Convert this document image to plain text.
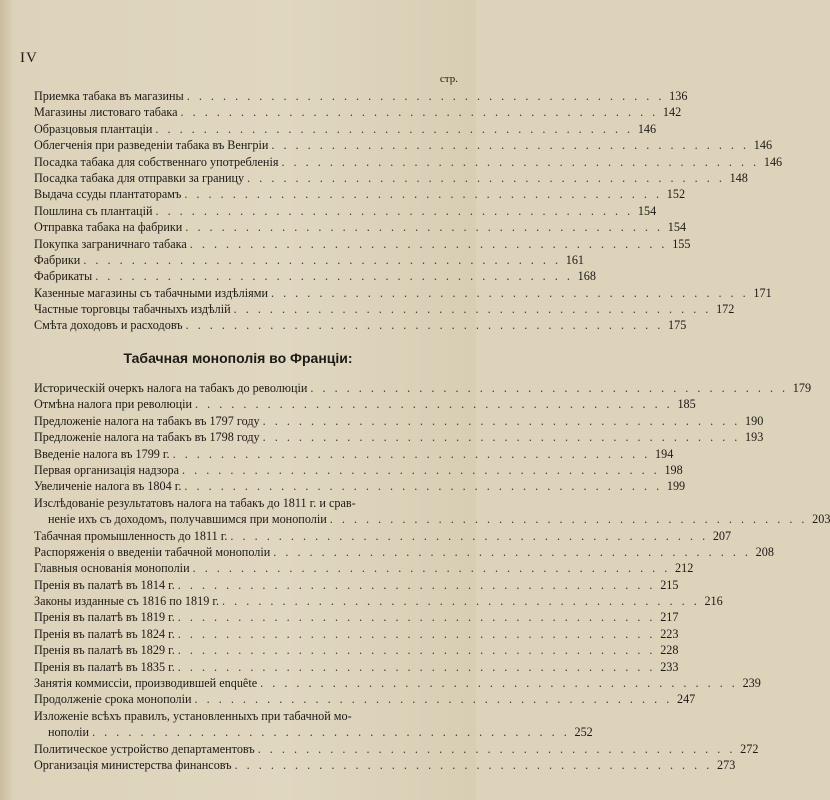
IV
стр.
Приемка табака въ магазины . . . . . . . . . . . . . . . . . . . . . . . . . . . . . . . . . . . . . . . . 136
Магазины листоваго табака . . . . . . . . . . . . . . . . . . . . . . . . . . . . . . . . . . . . . . . . 142
Образцовыя плантаціи . . . . . . . . . . . . . . . . . . . . . . . . . . . . . . . . . . . . . . . . 146
Облегченія при разведеніи табака въ Венгріи . . . . . . . . . . . . . . . . . . . . . . . . . . . . . . . . . . . . . . . . 146
Посадка табака для собственнаго употребленія . . . . . . . . . . . . . . . . . . . . . . . . . . . . . . . . . . . . . . . . 146
Посадка табака для отправки за границу . . . . . . . . . . . . . . . . . . . . . . . . . . . . . . . . . . . . . . . . 148
Выдача ссуды плантаторамъ . . . . . . . . . . . . . . . . . . . . . . . . . . . . . . . . . . . . . . . . 152
Пошлина съ плантацій . . . . . . . . . . . . . . . . . . . . . . . . . . . . . . . . . . . . . . . . 154
Отправка табака на фабрики . . . . . . . . . . . . . . . . . . . . . . . . . . . . . . . . . . . . . . . . 154
Покупка заграничнаго табака . . . . . . . . . . . . . . . . . . . . . . . . . . . . . . . . . . . . . . . . 155
Фабрики . . . . . . . . . . . . . . . . . . . . . . . . . . . . . . . . . . . . . . . . 161
Фабрикаты . . . . . . . . . . . . . . . . . . . . . . . . . . . . . . . . . . . . . . . . 168
Казенные магазины съ табачными издѣліями . . . . . . . . . . . . . . . . . . . . . . . . . . . . . . . . . . . . . . . . 171
Частные торговцы табачныхъ издѣлій . . . . . . . . . . . . . . . . . . . . . . . . . . . . . . . . . . . . . . . . 172
Смѣта доходовъ и расходовъ . . . . . . . . . . . . . . . . . . . . . . . . . . . . . . . . . . . . . . . . 175
Табачная монополія во Франціи:
Историческій очеркъ налога на табакъ до революціи . . . . . . . . . . . . . . . . . . . . . . . . . . . . . . . . . . . . . . . . 179
Отмѣна налога при революціи . . . . . . . . . . . . . . . . . . . . . . . . . . . . . . . . . . . . . . . . 185
Предложеніе налога на табакъ въ 1797 году . . . . . . . . . . . . . . . . . . . . . . . . . . . . . . . . . . . . . . . . 190
Предложеніе налога на табакъ въ 1798 году . . . . . . . . . . . . . . . . . . . . . . . . . . . . . . . . . . . . . . . . 193
Введеніе налога въ 1799 г. . . . . . . . . . . . . . . . . . . . . . . . . . . . . . . . . . . . . . . . . 194
Первая организація надзора . . . . . . . . . . . . . . . . . . . . . . . . . . . . . . . . . . . . . . . . 198
Увеличеніе налога въ 1804 г. . . . . . . . . . . . . . . . . . . . . . . . . . . . . . . . . . . . . . . . . 199
Изслѣдованіе результатовъ налога на табакъ до 1811 г. и срав-
неніе ихъ съ доходомъ, получавшимся при монополіи . . . . . . . . . . . . . . . . . . . . . . . . . . . . . . . . . . . . . . . . 203
Табачная промышленность до 1811 г. . . . . . . . . . . . . . . . . . . . . . . . . . . . . . . . . . . . . . . . . 207
Распоряженія о введеніи табачной монополіи . . . . . . . . . . . . . . . . . . . . . . . . . . . . . . . . . . . . . . . . 208
Главныя основанія монополіи . . . . . . . . . . . . . . . . . . . . . . . . . . . . . . . . . . . . . . . . 212
Пренія въ палатѣ въ 1814 г. . . . . . . . . . . . . . . . . . . . . . . . . . . . . . . . . . . . . . . . . 215
Законы изданные съ 1816 по 1819 г. . . . . . . . . . . . . . . . . . . . . . . . . . . . . . . . . . . . . . . . . 216
Пренія въ палатѣ въ 1819 г. . . . . . . . . . . . . . . . . . . . . . . . . . . . . . . . . . . . . . . . . 217
Пренія въ палатѣ въ 1824 г. . . . . . . . . . . . . . . . . . . . . . . . . . . . . . . . . . . . . . . . . 223
Пренія въ палатѣ въ 1829 г. . . . . . . . . . . . . . . . . . . . . . . . . . . . . . . . . . . . . . . . . 228
Пренія въ палатѣ въ 1835 г. . . . . . . . . . . . . . . . . . . . . . . . . . . . . . . . . . . . . . . . . 233
Занятія коммиссіи, производившей enquête . . . . . . . . . . . . . . . . . . . . . . . . . . . . . . . . . . . . . . . . 239
Продолженіе срока монополіи . . . . . . . . . . . . . . . . . . . . . . . . . . . . . . . . . . . . . . . . 247
Изложеніе всѣхъ правилъ, установленныхъ при табачной мо-
нополіи . . . . . . . . . . . . . . . . . . . . . . . . . . . . . . . . . . . . . . . . 252
Политическое устройство департаментовъ . . . . . . . . . . . . . . . . . . . . . . . . . . . . . . . . . . . . . . . . 272
Организація министерства финансовъ . . . . . . . . . . . . . . . . . . . . . . . . . . . . . . . . . . . . . . . . 273
